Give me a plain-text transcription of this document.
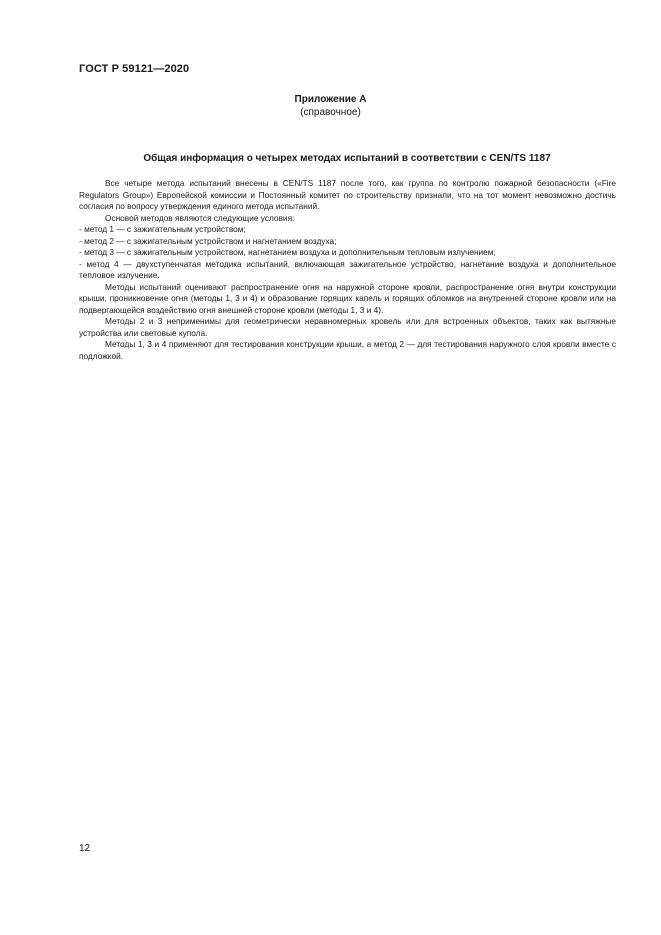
ГОСТ Р 59121—2020
Приложение А
(справочное)
Общая информация о четырех методах испытаний в соответствии с CEN/TS 1187

Все четыре метода испытаний внесены в CEN/TS 1187 после того, как группа по контролю пожарной безопасности («Fire Regulators Group») Европейской комиссии и Постоянный комитет по строительству признали, что на тот момент невозможно достичь согласия по вопросу утверждения единого метода испытаний.

Основой методов являются следующие условия:

- метод 1 — с зажигательным устройством;

- метод 2 — с зажигательным устройством и нагнетанием воздуха;

- метод 3 — с зажигательным устройством, нагнетанием воздуха и дополнительным тепловым излучением;

- метод 4 — двухступенчатая методика испытаний, включающая зажигательное устройство, нагнетание воздуха и дополнительное тепловое излучение.

Методы испытаний оценивают распространение огня на наружной стороне кровли, распространение огня внутри конструкции крыши, проникновение огня (методы 1, 3 и 4) и образование горящих капель и горящих обломков на внутренней стороне кровли или на подвергающейся воздействию огня внешней стороне кровли (методы 1, 3 и 4).

Методы 2 и 3 неприменимы для геометрически неравномерных кровель или для встроенных объектов, таких как вытяжные устройства или световые купола.

Методы 1, 3 и 4 применяют для тестирования конструкции крыши, а метод 2 — для тестирования наружного слоя кровли вместе с подложкой.

12
